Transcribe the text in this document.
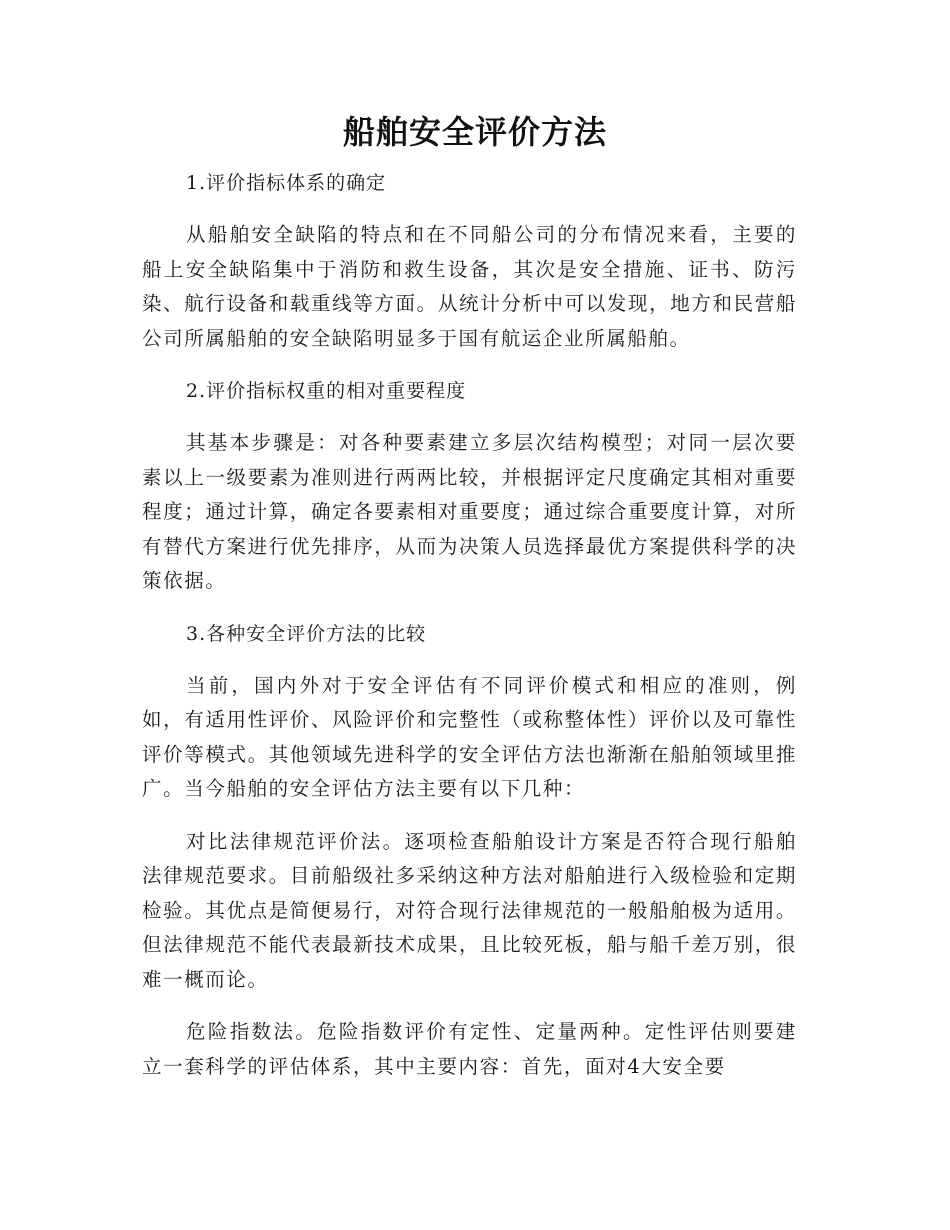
船舶安全评价方法

1.评价指标体系的确定

从船舶安全缺陷的特点和在不同船公司的分布情况来看，主要的船上安全缺陷集中于消防和救生设备，其次是安全措施、证书、防污染、航行设备和载重线等方面。从统计分析中可以发现，地方和民营船公司所属船舶的安全缺陷明显多于国有航运企业所属船舶。

2.评价指标权重的相对重要程度

其基本步骤是：对各种要素建立多层次结构模型；对同一层次要素以上一级要素为准则进行两两比较，并根据评定尺度确定其相对重要程度；通过计算，确定各要素相对重要度；通过综合重要度计算，对所有替代方案进行优先排序，从而为决策人员选择最优方案提供科学的决策依据。

3.各种安全评价方法的比较

当前，国内外对于安全评估有不同评价模式和相应的准则，例如，有适用性评价、风险评价和完整性（或称整体性）评价以及可靠性评价等模式。其他领域先进科学的安全评估方法也渐渐在船舶领域里推广。当今船舶的安全评估方法主要有以下几种：

对比法律规范评价法。逐项检查船舶设计方案是否符合现行船舶法律规范要求。目前船级社多采纳这种方法对船舶进行入级检验和定期检验。其优点是简便易行，对符合现行法律规范的一般船舶极为适用。但法律规范不能代表最新技术成果，且比较死板，船与船千差万别，很难一概而论。

危险指数法。危险指数评价有定性、定量两种。定性评估则要建立一套科学的评估体系，其中主要内容：首先，面对4大安全要
